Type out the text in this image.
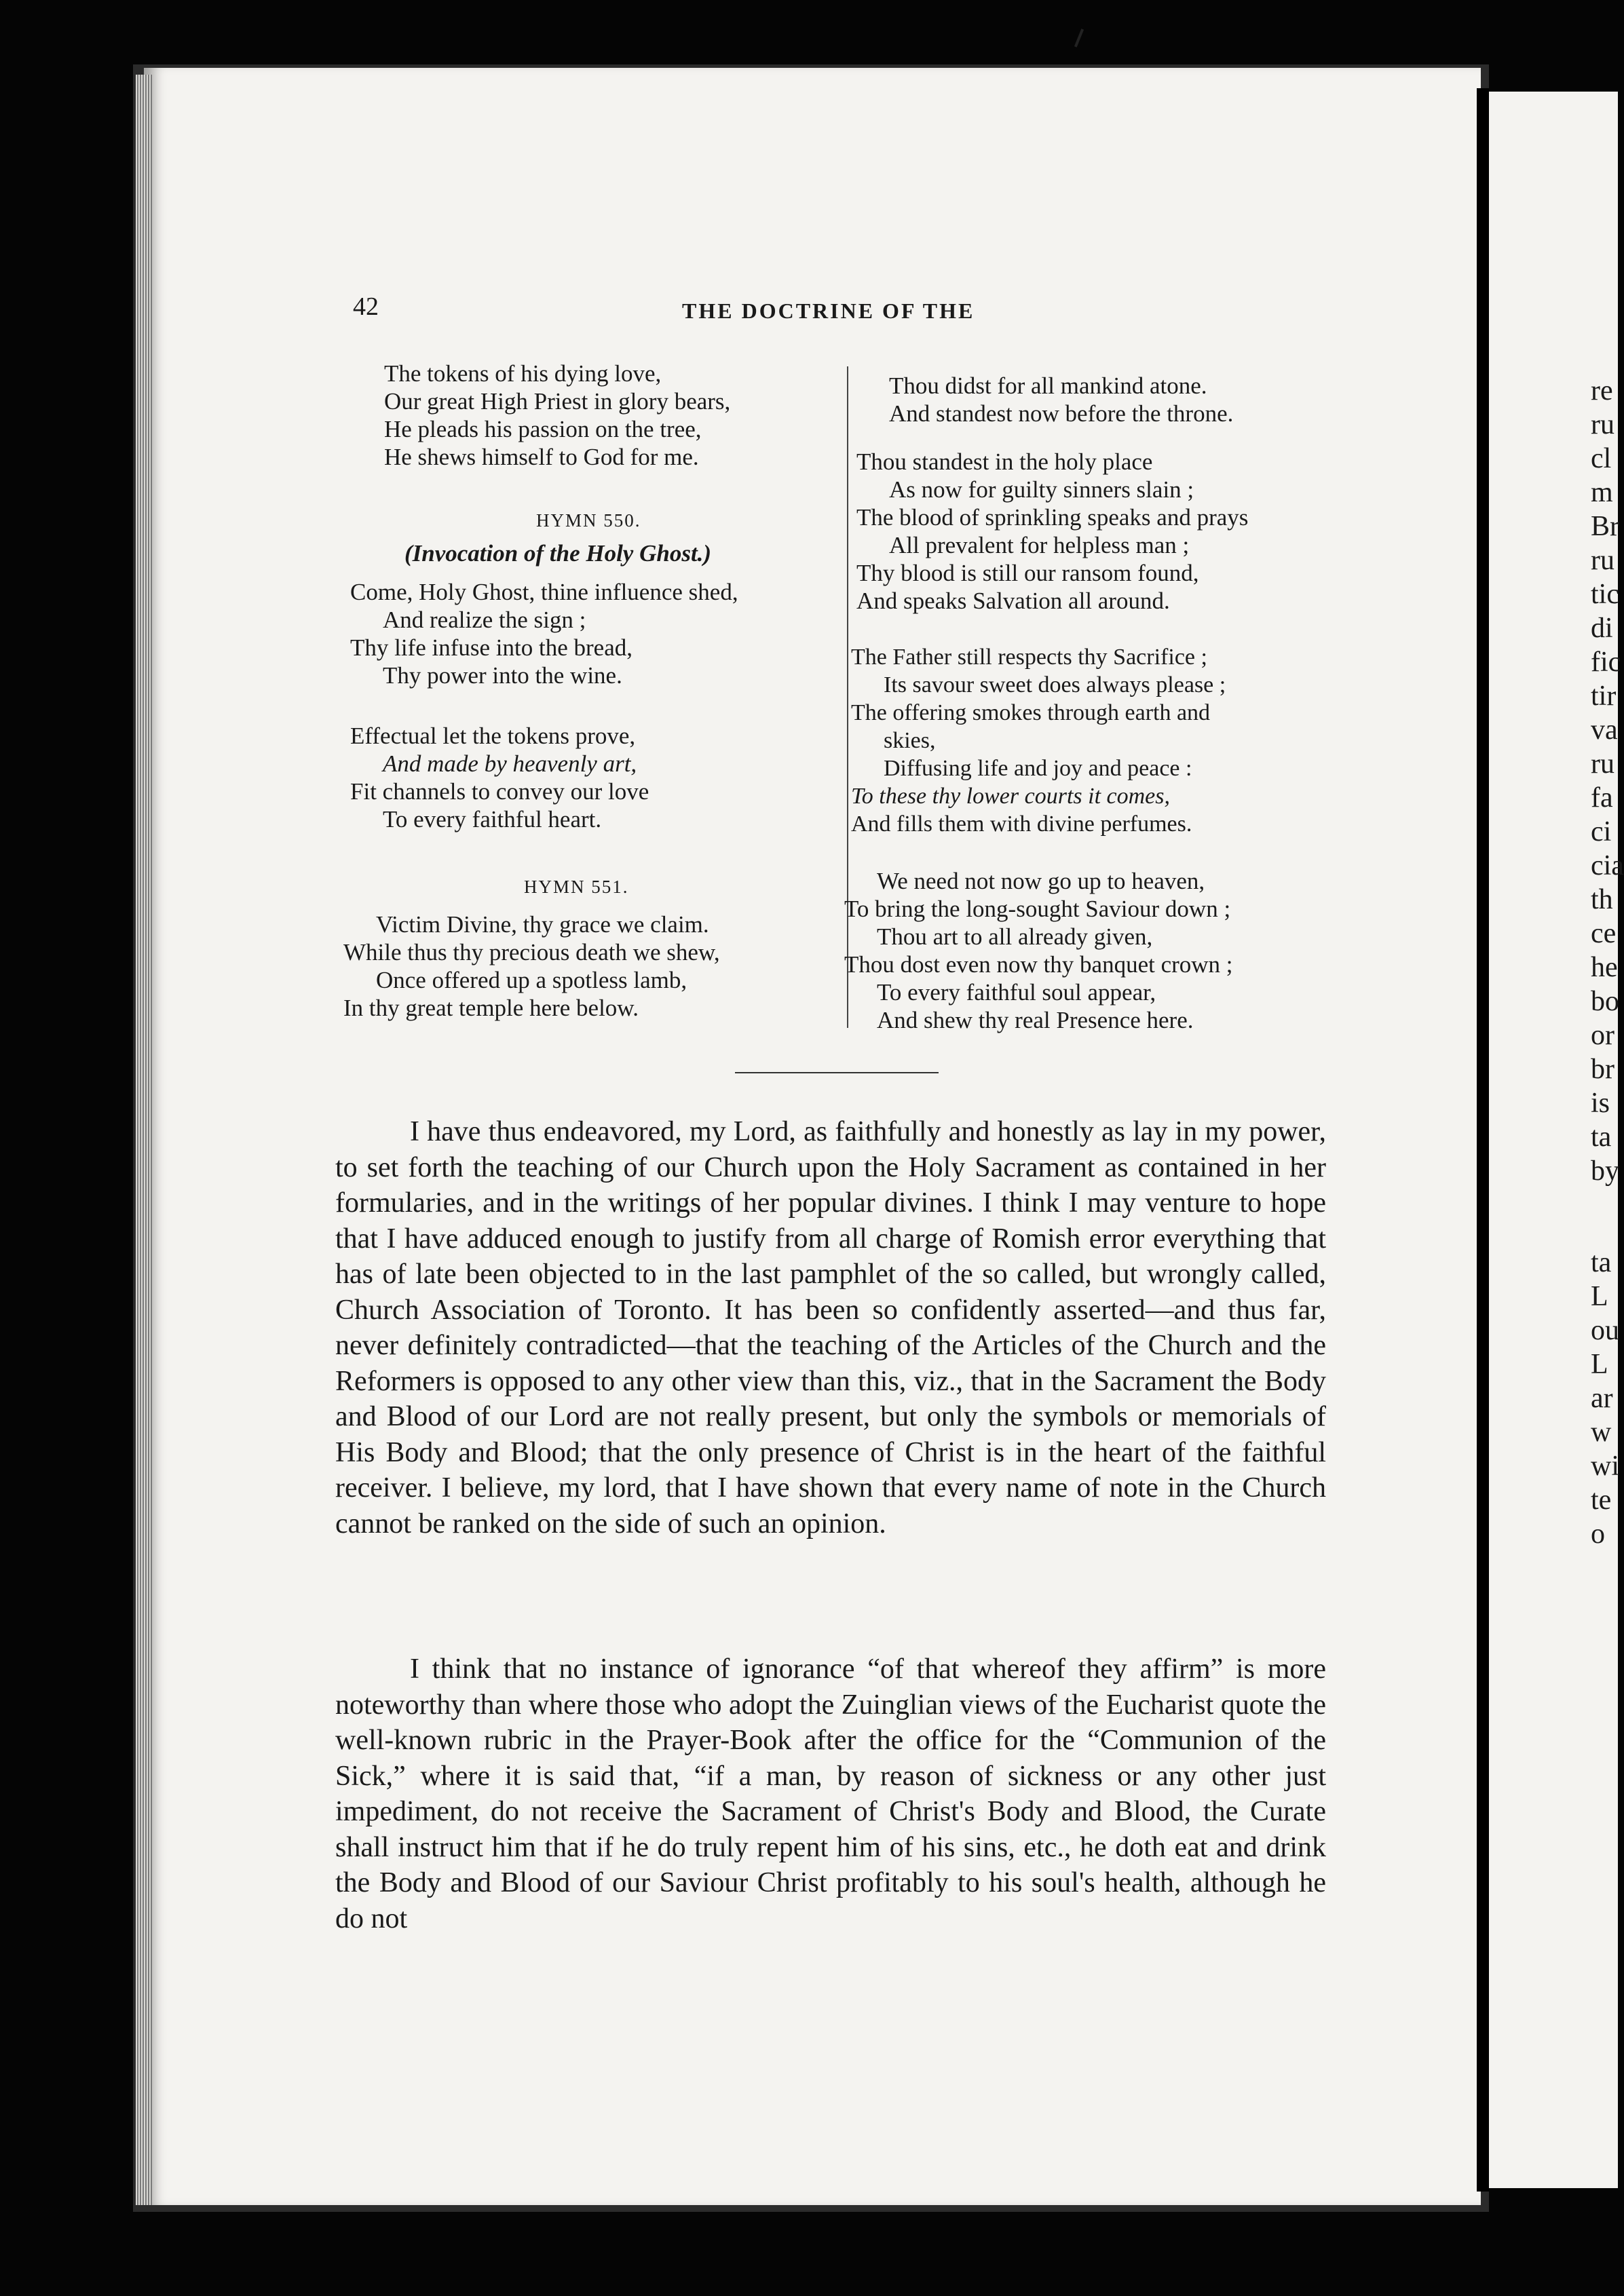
re
ru
cl
m
Br
ru
tic
di
fic
tir
va
ru
fa
ci
cia
th
ce
he
bo
or
br
is
ta
by
ta
L
ou
L
ar
w
wi
te
o
42	THE DOCTRINE OF THE
The tokens of his dying love,
Our great High Priest in glory bears,
He pleads his passion on the tree,
He shews himself to God for me.
HYMN 550.
(Invocation of the Holy Ghost.)
Come, Holy Ghost, thine influence shed,
And realize the sign ;
Thy life infuse into the bread,
Thy power into the wine.
Effectual let the tokens prove,
And made by heavenly art,
Fit channels to convey our love
To every faithful heart.
HYMN 551.
Victim Divine, thy grace we claim.
While thus thy precious death we shew,
Once offered up a spotless lamb,
In thy great temple here below.
Thou didst for all mankind atone.
And standest now before the throne.
Thou standest in the holy place
As now for guilty sinners slain ;
The blood of sprinkling speaks and prays
All prevalent for helpless man ;
Thy blood is still our ransom found,
And speaks Salvation all around.
The Father still respects thy Sacrifice ;
Its savour sweet does always please ;
The offering smokes through earth and
skies,
Diffusing life and joy and peace :
To these thy lower courts it comes,
And fills them with divine perfumes.
We need not now go up to heaven,
To bring the long-sought Saviour down ;
Thou art to all already given,
Thou dost even now thy banquet crown ;
To every faithful soul appear,
And shew thy real Presence here.

I have thus endeavored, my Lord, as faithfully and honestly as lay in my power, to set forth the teaching of our Church upon the Holy Sacrament as contained in her formularies, and in the writings of her popular divines. I think I may venture to hope that I have adduced enough to justify from all charge of Romish error everything that has of late been objected to in the last pamphlet of the so called, but wrongly called, Church Association of Toronto. It has been so confidently asserted—and thus far, never definitely contradicted—that the teaching of the Articles of the Church and the Reformers is opposed to any other view than this, viz., that in the Sacrament the Body and Blood of our Lord are not really present, but only the symbols or memorials of His Body and Blood; that the only presence of Christ is in the heart of the faithful receiver. I believe, my lord, that I have shown that every name of note in the Church cannot be ranked on the side of such an opinion.

I think that no instance of ignorance “of that whereof they affirm” is more noteworthy than where those who adopt the Zuinglian views of the Eucharist quote the well-known rubric in the Prayer-Book after the office for the “Communion of the Sick,” where it is said that, “if a man, by reason of sickness or any other just impediment, do not receive the Sacrament of Christ's Body and Blood, the Curate shall instruct him that if he do truly repent him of his sins, etc., he doth eat and drink the Body and Blood of our Saviour Christ profitably to his soul's health, although he do not
